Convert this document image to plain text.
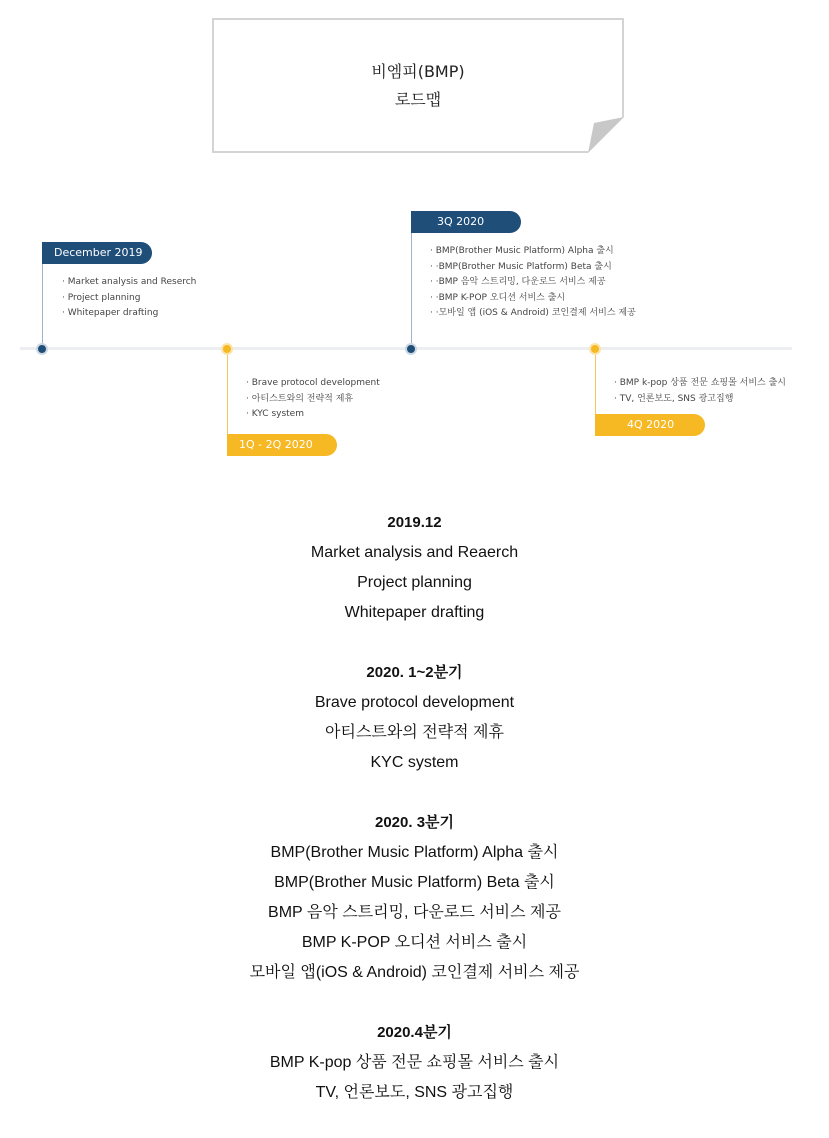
비엠피(BMP)
로드맵
December 2019
· Market analysis and Reserch
· Project planning
· Whitepaper drafting
· Brave protocol development
· 아티스트와의 전략적 제휴
· KYC system
1Q - 2Q 2020
3Q 2020
· BMP(Brother Music Platform) Alpha 출시
· ·BMP(Brother Music Platform) Beta 출시
· ·BMP 음악 스트리밍, 다운로드 서비스 제공
· ·BMP K-POP 오디션 서비스 출시
· ·모바일 앱 (iOS & Android) 코인결제 서비스 제공
· BMP k-pop 상품 전문 쇼핑몰 서비스 출시
· TV, 언론보도, SNS 광고집행
4Q 2020
2019.12
Market analysis and Reaerch
Project planning
Whitepaper drafting
2020. 1~2분기
Brave protocol development
아티스트와의 전략적 제휴
KYC system
2020. 3분기
BMP(Brother Music Platform) Alpha 출시
BMP(Brother Music Platform) Beta 출시
BMP 음악 스트리밍, 다운로드 서비스 제공
BMP K-POP 오디션 서비스 출시
모바일 앱(iOS & Android) 코인결제 서비스 제공
2020.4분기
BMP K-pop 상품 전문 쇼핑몰 서비스 출시
TV, 언론보도, SNS 광고집행
